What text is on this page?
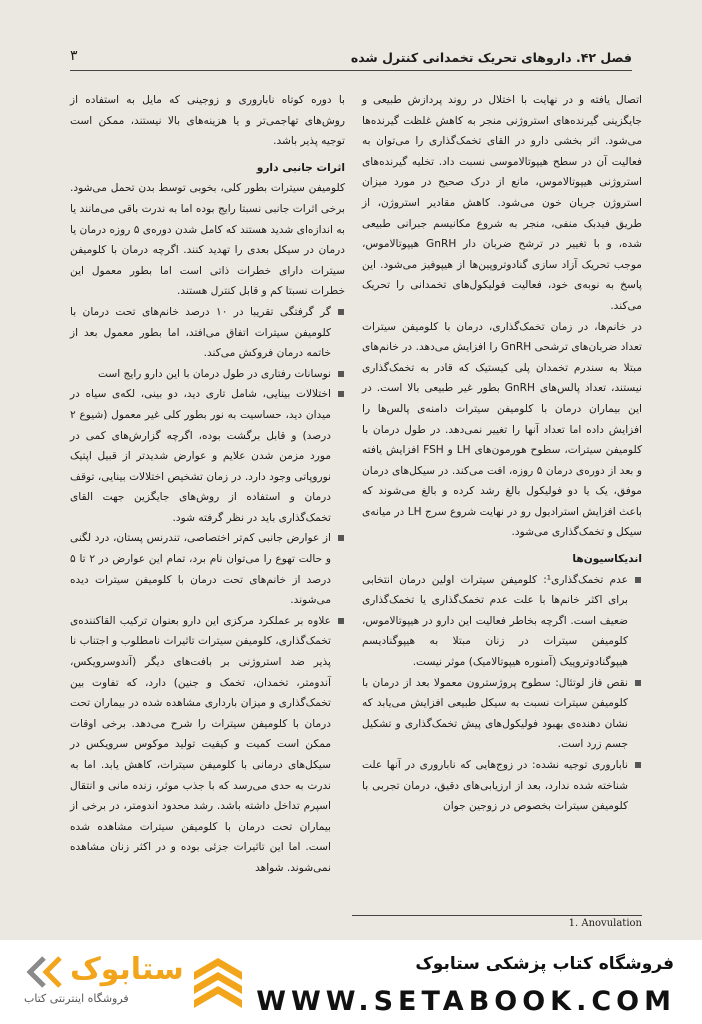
فصل ۴۲. داروهای تحریک تخمدانی کنترل شده
۳

اتصال یافته و در نهایت با اختلال در روند پردازش طبیعی و جایگزینی گیرنده‌های استروژنی منجر به کاهش غلظت گیرنده‌ها می‌شود. اثر بخشی دارو در القای تخمک‌گذاری را می‌توان به فعالیت آن در سطح هیپوتالاموسی نسبت داد. تخلیه گیرنده‌های استروژنی هیپوتالاموس، مانع از درک صحیح در مورد میزان استروژن جریان خون می‌شود. کاهش مقادیر استروژن، از طریق فیدبک منفی، منجر به شروع مکانیسم جبرانی طبیعی شده، و با تغییر در ترشح ضربان دار GnRH هیپوتالاموس، موجب تحریک آزاد سازی گنادوتروپین‌ها از هیپوفیز می‌شود. این پاسخ به نوبه‌ی خود، فعالیت فولیکول‌های تخمدانی را تحریک می‌کند.

در خانم‌ها، در زمان تخمک‌گذاری، درمان با کلومیفن سیترات تعداد ضربان‌های ترشحی GnRH را افزایش می‌دهد. در خانم‌های مبتلا به سندرم تخمدان پلی کیستیک که قادر به تخمک‌گذاری نیستند، تعداد پالس‌های GnRH بطور غیر طبیعی بالا است. در این بیماران درمان با کلومیفن سیترات دامنه‌ی پالس‌ها را افزایش داده اما تعداد آنها را تغییر نمی‌دهد. در طول درمان با کلومیفن سیترات، سطوح هورمون‌های LH و FSH افزایش یافته و بعد از دوره‌ی درمان ۵ روزه، افت می‌کند. در سیکل‌های درمان موفق، یک یا دو فولیکول بالغ رشد کرده و بالغ می‌شوند که باعث افزایش استرادیول رو در نهایت شروع سرج LH در میانه‌ی سیکل و تخمک‌گذاری می‌شود.

اندیکاسیون‌ها

عدم تخمک‌گذاری¹: کلومیفن سیترات اولین درمان انتخابی برای اکثر خانم‌ها با علت عدم تخمک‌گذاری یا تخمک‌گذاری ضعیف است. اگرچه بخاطر فعالیت این دارو در هیپوتالاموس، کلومیفن سیترات در زنان مبتلا به هیپوگنادیسم هیپوگنادوتروپیک (آمنوره هیپوتالامیک) موثر نیست.

نقص فاز لوتئال: سطوح پروژسترون معمولا بعد از درمان با کلومیفن سیترات نسبت به سیکل طبیعی افزایش می‌یابد که نشان دهنده‌ی بهبود فولیکول‌های پیش تخمک‌گذاری و تشکیل جسم زرد است.

ناباروری توجیه نشده: در زوج‌هایی که ناباروری در آنها علت شناخته شده ندارد، بعد از ارزیابی‌های دقیق، درمان تجربی با کلومیفن سیترات بخصوص در زوجین جوان

با دوره کوتاه ناباروری و زوجینی که مایل به استفاده از روش‌های تهاجمی‌تر و یا هزینه‌های بالا نیستند، ممکن است توجیه پذیر باشد.

اثرات جانبی دارو

کلومیفن سیترات بطور کلی، بخوبی توسط بدن تحمل می‌شود. برخی اثرات جانبی نسبتا رایج بوده اما به ندرت باقی می‌مانند یا به اندازه‌ای شدید هستند که کامل شدن دوره‌ی ۵ روزه درمان یا درمان در سیکل بعدی را تهدید کنند. اگرچه درمان با کلومیفن سیترات دارای خطرات ذاتی است اما بطور معمول این خطرات نسبتا کم و قابل کنترل هستند.

گر گرفتگی تقریبا در ۱۰ درصد خانم‌های تحت درمان با کلومیفن سیترات اتفاق می‌افتد، اما بطور معمول بعد از خاتمه درمان فروکش می‌کند.

نوسانات رفتاری در طول درمان با این دارو رایج است

اختلالات بینایی، شامل تاری دید، دو بینی، لکه‌ی سیاه در میدان دید، حساسیت به نور بطور کلی غیر معمول (شیوع ۲ درصد) و قابل برگشت بوده، اگرچه گزارش‌های کمی در مورد مزمن شدن علایم و عوارض شدیدتر از قبیل اپتیک نوروپاتی وجود دارد. در زمان تشخیص اختلالات بینایی، توقف درمان و استفاده از روش‌های جایگزین جهت القای تخمک‌گذاری باید در نظر گرفته شود.

از عوارض جانبی کم‌تر اختصاصی، تندرنس پستان، درد لگنی و حالت تهوع را می‌توان نام برد، تمام این عوارض در ۲ تا ۵ درصد از خانم‌های تحت درمان با کلومیفن سیترات دیده می‌شوند.

علاوه بر عملکرد مرکزی این دارو بعنوان ترکیب القاکننده‌ی تخمک‌گذاری، کلومیفن سیترات تاثیرات نامطلوب و اجتناب نا پذیر ضد استروژنی بر بافت‌های دیگر (آندوسرویکس، آندومتر، تخمدان، تخمک و جنین) دارد، که تفاوت بین تخمک‌گذاری و میزان بارداری مشاهده شده در بیماران تحت درمان با کلومیفن سیترات را شرح می‌دهد. برخی اوقات ممکن است کمیت و کیفیت تولید موکوس سرویکس در سیکل‌های درمانی با کلومیفن سیترات، کاهش یابد. اما به ندرت به حدی می‌رسد که با جذب موثر، زنده مانی و انتقال اسپرم تداخل داشته باشد. رشد محدود اندومتر، در برخی از بیماران تحت درمان با کلومیفن سیترات مشاهده شده است. اما این تاثیرات جزئی بوده و در اکثر زنان مشاهده نمی‌شوند. شواهد

1. Anovulation
فروشگاه کتاب پزشکی ستابوک
WWW.SETABOOK.COM
ستابوک
فروشگاه اینترنتی کتاب
